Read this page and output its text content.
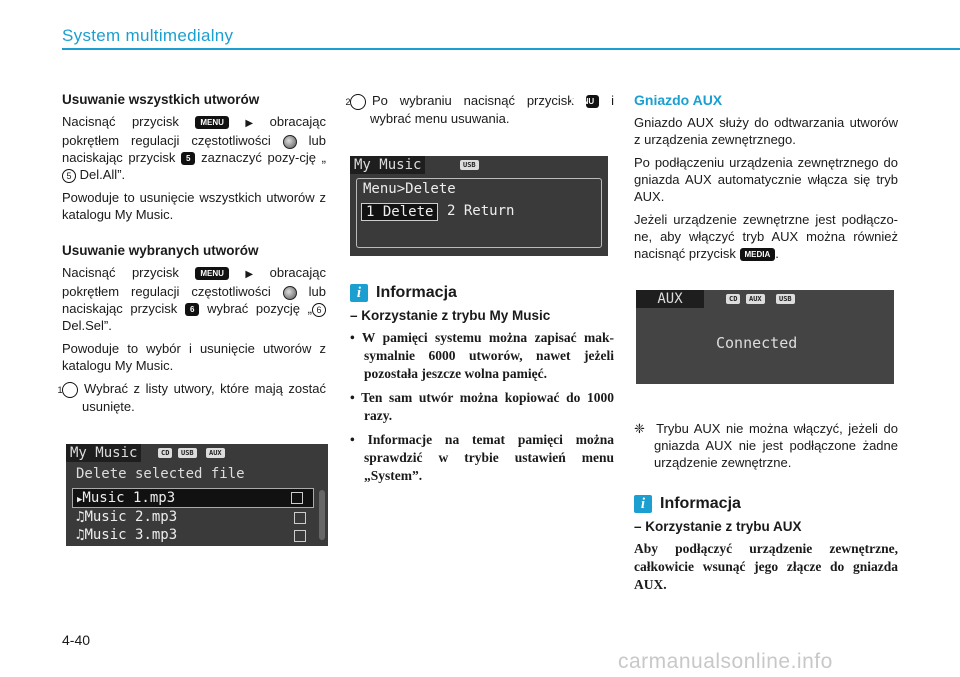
System multimedialny
Usuwanie wszystkich utworów

Nacisnąć przycisk	MENU ▶ obracając pokrętłem regulacji częstotliwości	lub naciskając przycisk 5 zaznaczyć pozy-cję „5 Del.All”.

Powoduje to usunięcie wszystkich utworów z katalogu My Music.

Usuwanie wybranych utworów

Nacisnąć przycisk	MENU ▶ obracając pokrętłem regulacji częstotliwości	lub naciskając przycisk 6 wybrać pozycję „ 6 Del.Sel”.

Powoduje to wybór i usunięcie utworów z katalogu My Music.

1 Wybrać z listy utwory, które mają zostać usunięte.

My Music	CD	USB	AUX
Delete selected file
▶Music 1.mp3
♫Music 2.mp3
♫Music 3.mp3

2 Po wybraniu nacisnąć przycisk MENU i wybrać menu usuwania.

My Music	USB
Menu>Delete
1 Delete 2 Return
i Informacja
– Korzystanie z trybu My Music

• W pamięci systemu można zapisać mak-symalnie 6000 utworów, nawet jeżeli pozostała jeszcze wolna pamięć.

• Ten sam utwór można kopiować do 1000 razy.

• Informacje na temat pamięci można sprawdzić w trybie ustawień menu „System”.

Gniazdo AUX

Gniazdo AUX służy do odtwarzania utworów z urządzenia zewnętrznego.

Po podłączeniu urządzenia zewnętrznego do gniazda AUX automatycznie włącza się tryb AUX.

Jeżeli urządzenie zewnętrzne jest podłączo-ne, aby włączyć tryb AUX można również nacisnąć przycisk MEDIA .

AUX	CD	AUX	USB
Connected

❈ Trybu AUX nie można włączyć, jeżeli do gniazda AUX nie jest podłączone żadne urządzenie zewnętrzne.

i Informacja
– Korzystanie z trybu AUX

Aby podłączyć urządzenie zewnętrzne, całkowicie wsunąć jego złącze do gniazda AUX.

4-40
carmanualsonline.info
